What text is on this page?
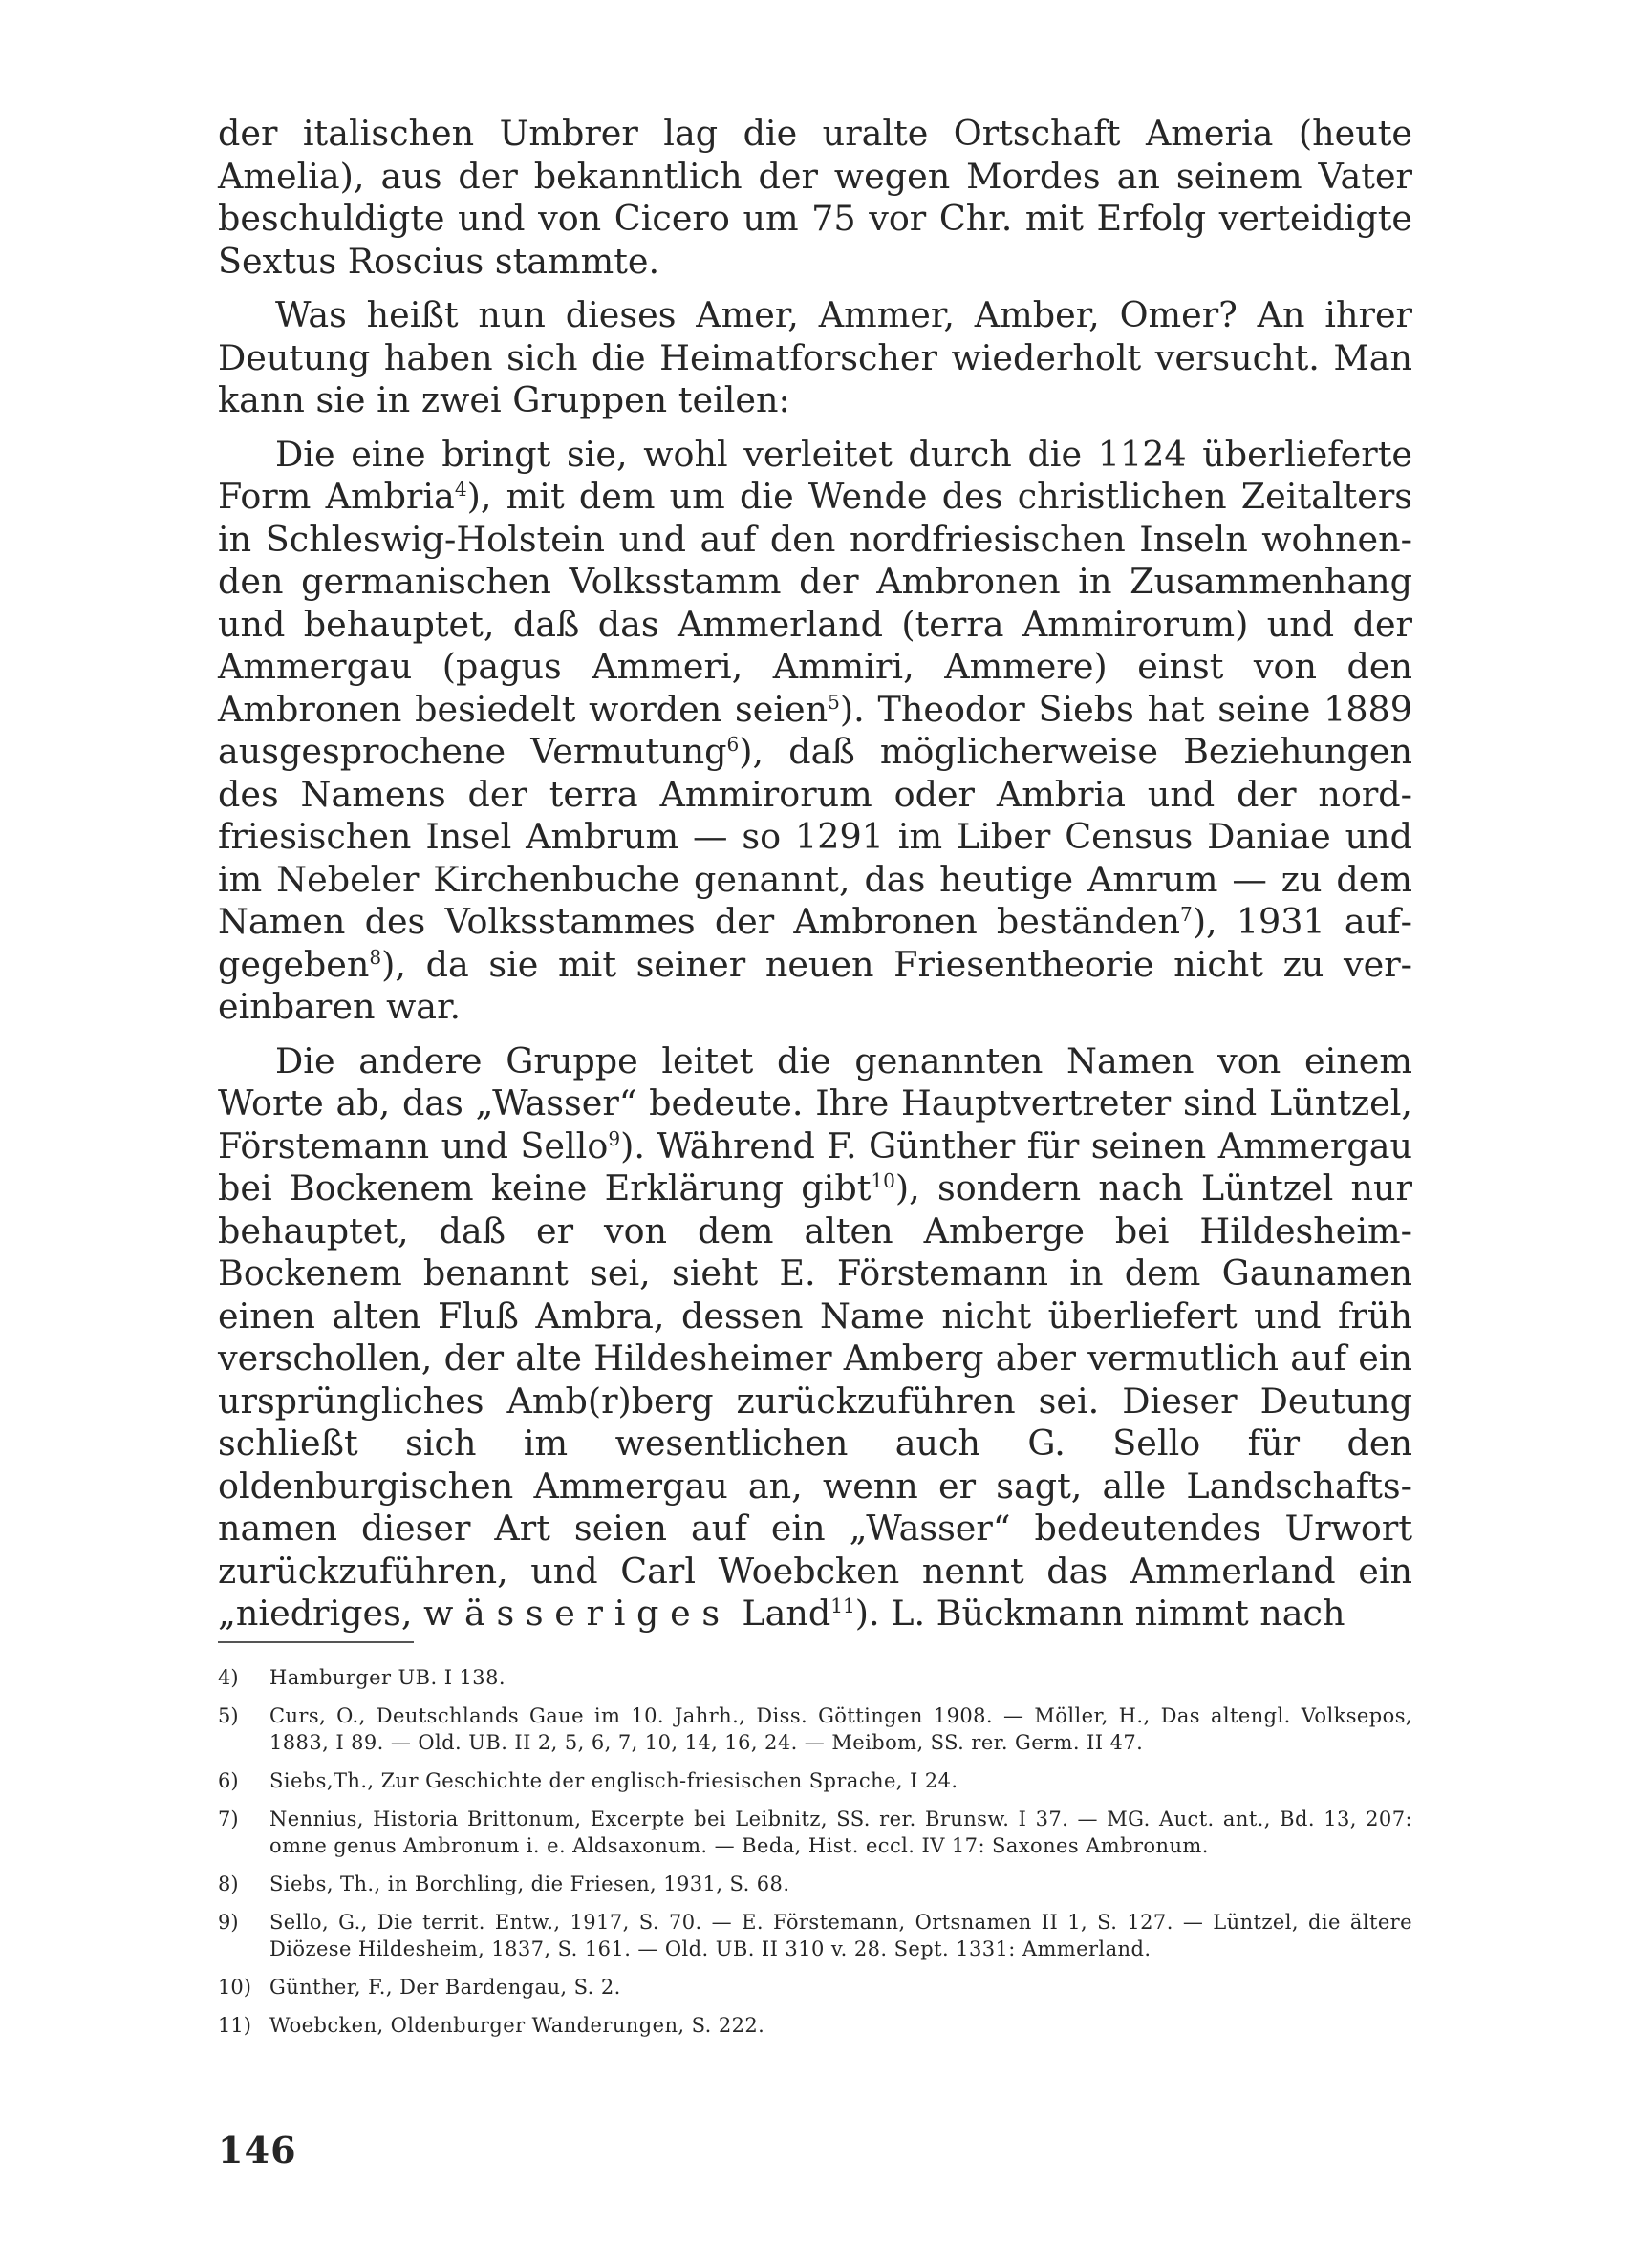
der italischen Umbrer lag die uralte Ortschaft Ameria (heute Amelia), aus der bekanntlich der wegen Mordes an seinem Vater beschuldigte und von Cicero um 75 vor Chr. mit Erfolg verteidigte Sextus Roscius stammte.

Was heißt nun dieses Amer, Ammer, Amber, Omer? An ihrer Deutung haben sich die Heimatforscher wiederholt versucht. Man kann sie in zwei Gruppen teilen:

Die eine bringt sie, wohl verleitet durch die 1124 überlieferte Form Ambria$^4$), mit dem um die Wende des christlichen Zeitalters in Schleswig-Holstein und auf den nordfriesischen Inseln wohnenden germanischen Volksstamm der Ambronen in Zusammenhang und behauptet, daß das Ammerland (terra Ammirorum) und der Ammergau (pagus Ammeri, Ammiri, Ammere) einst von den Ambronen besiedelt worden seien$^5$). Theodor Siebs hat seine 1889 ausgesprochene Vermutung$^6$), daß möglicherweise Beziehungen des Namens der terra Ammirorum oder Ambria und der nordfriesischen Insel Ambrum — so 1291 im Liber Census Daniae und im Nebeler Kirchenbuche genannt, das heutige Amrum — zu dem Namen des Volksstammes der Ambronen beständen$^7$), 1931 aufgegeben$^8$), da sie mit seiner neuen Friesentheorie nicht zu vereinbaren war.

Die andere Gruppe leitet die genannten Namen von einem Worte ab, das „Wasser“ bedeute. Ihre Hauptvertreter sind Lüntzel, Förstemann und Sello$^9$). Während F. Günther für seinen Ammergau bei Bockenem keine Erklärung gibt$^{10}$), sondern nach Lüntzel nur behauptet, daß er von dem alten Amberge bei Hildesheim-Bockenem benannt sei, sieht E. Förstemann in dem Gaunamen einen alten Fluß Ambra, dessen Name nicht überliefert und früh verschollen, der alte Hildesheimer Amberg aber vermutlich auf ein ursprüngliches Amb(r)berg zurückzuführen sei. Dieser Deutung schließt sich im wesentlichen auch G. Sello für den oldenburgischen Ammergau an, wenn er sagt, alle Landschaftsnamen dieser Art seien auf ein „Wasser“ bedeutendes Urwort zurückzuführen, und Carl Woebcken nennt das Ammerland ein „niedriges, wässeriges Land$^{11}$). L. Bückmann nimmt nach

4)	Hamburger UB. I 138.
5)	Curs, O., Deutschlands Gaue im 10. Jahrh., Diss. Göttingen 1908. — Möller, H., Das altengl. Volksepos, 1883, I 89. — Old. UB. II 2, 5, 6, 7, 10, 14, 16, 24. — Meibom, SS. rer. Germ. II 47.
6)	Siebs,Th., Zur Geschichte der englisch-friesischen Sprache, I 24.
7)	Nennius, Historia Brittonum, Excerpte bei Leibnitz, SS. rer. Brunsw. I 37. — MG. Auct. ant., Bd. 13, 207: omne genus Ambronum i. e. Aldsaxonum. — Beda, Hist. eccl. IV 17: Saxones Ambronum.
8)	Siebs, Th., in Borchling, die Friesen, 1931, S. 68.
9)	Sello, G., Die territ. Entw., 1917, S. 70. — E. Förstemann, Ortsnamen II 1, S. 127. — Lüntzel, die ältere Diözese Hildesheim, 1837, S. 161. — Old. UB. II 310 v. 28. Sept. 1331: Ammerland.
10) Günther, F., Der Bardengau, S. 2.
11) Woebcken, Oldenburger Wanderungen, S. 222.
146
